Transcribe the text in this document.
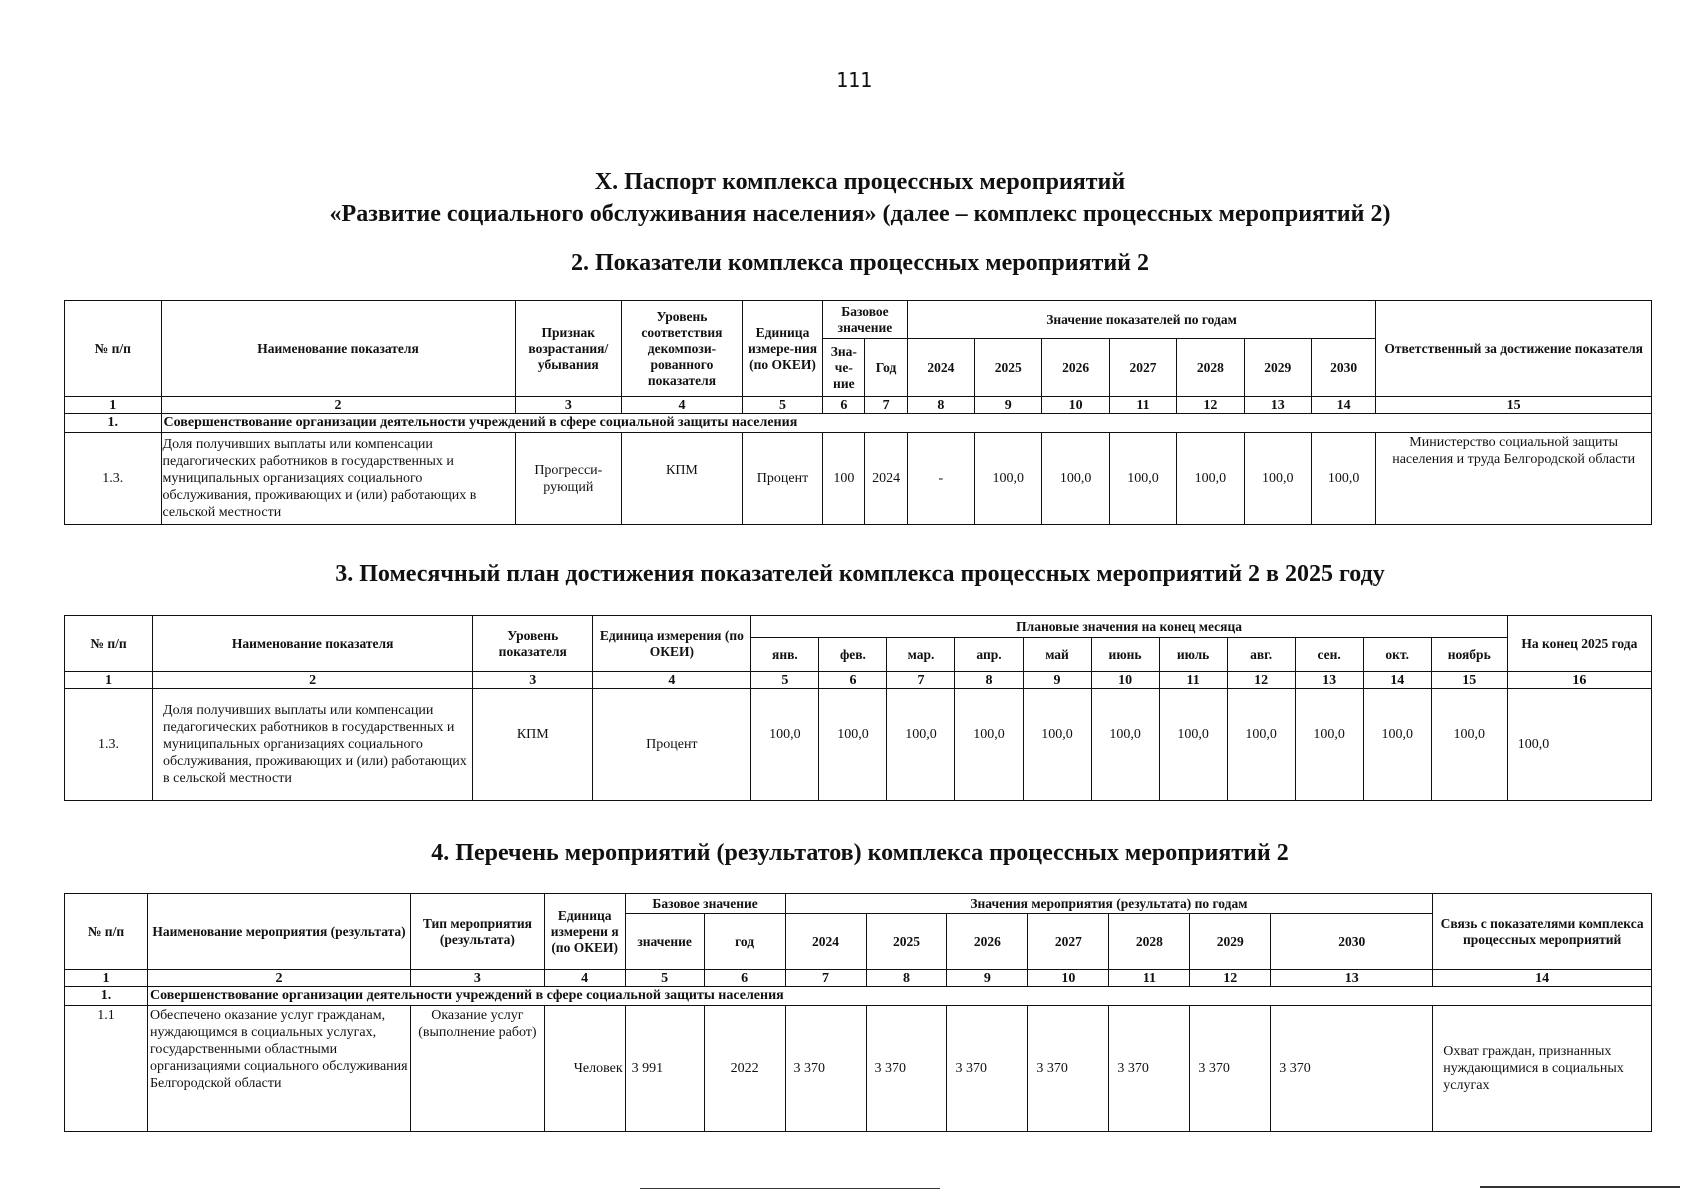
111
Х. Паспорт комплекса процессных мероприятий
«Развитие социального обслуживания населения» (далее – комплекс процессных мероприятий 2)
2. Показатели комплекса процессных мероприятий 2
№ п/п	Наименование показателя	Признак возрастания/ убывания	Уровень соответствия декомпози-рованного показателя	Единица измере-ния (по ОКЕИ)	Базовое значение		Значение показателей по годам							Ответственный за достижение показателя
					Зна-че-ние	Год	2024	2025	2026	2027	2028	2029	2030	
1	2	3	4	5	6	7	8	9	10	11	12	13	14	15
1.	Совершенствование организации деятельности учреждений в сфере социальной защиты населения													
1.3.	Доля получивших выплаты или компенсации педагогических работников в государственных и муниципальных организациях социального обслуживания, проживающих и (или) работающих в сельской местности	Прогресси-рующий	КПМ	Процент	100	2024	-	100,0	100,0	100,0	100,0	100,0	100,0	Министерство социальной защиты населения и труда Белгородской области
3. Помесячный план достижения показателей комплекса процессных мероприятий 2 в 2025 году
№ п/п	Наименование показателя	Уровень показателя	Единица измерения (по ОКЕИ)	Плановые значения на конец месяца											На конец 2025 года
				янв.	фев.	мар.	апр.	май	июнь	июль	авг.	сен.	окт.	ноябрь	
1	2	3	4	5	6	7	8	9	10	11	12	13	14	15	16
1.3.	Доля получивших выплаты или компенсации педагогических работников в государственных и муниципальных организациях социального обслуживания, проживающих и (или) работающих в сельской местности	КПМ	Процент	100,0	100,0	100,0	100,0	100,0	100,0	100,0	100,0	100,0	100,0	100,0	100,0
4. Перечень мероприятий (результатов) комплекса процессных мероприятий 2
№ п/п	Наименование мероприятия (результата)	Тип мероприятия (результата)	Единица измерени я (по ОКЕИ)	Базовое значение		Значения мероприятия (результата) по годам							Связь с показателями комплекса процессных мероприятий
				значение	год	2024	2025	2026	2027	2028	2029	2030	
1	2	3	4	5	6	7	8	9	10	11	12	13	14
1.	Совершенствование организации деятельности учреждений в сфере социальной защиты населения												
1.1	Обеспечено оказание услуг гражданам, нуждающимся в социальных услугах, государственными областными организациями социального обслуживания Белгородской области	Оказание услуг (выполнение работ)	Человек	3 991	2022	3 370	3 370	3 370	3 370	3 370	3 370	3 370	Охват граждан, признанных нуждающимися в социальных услугах
